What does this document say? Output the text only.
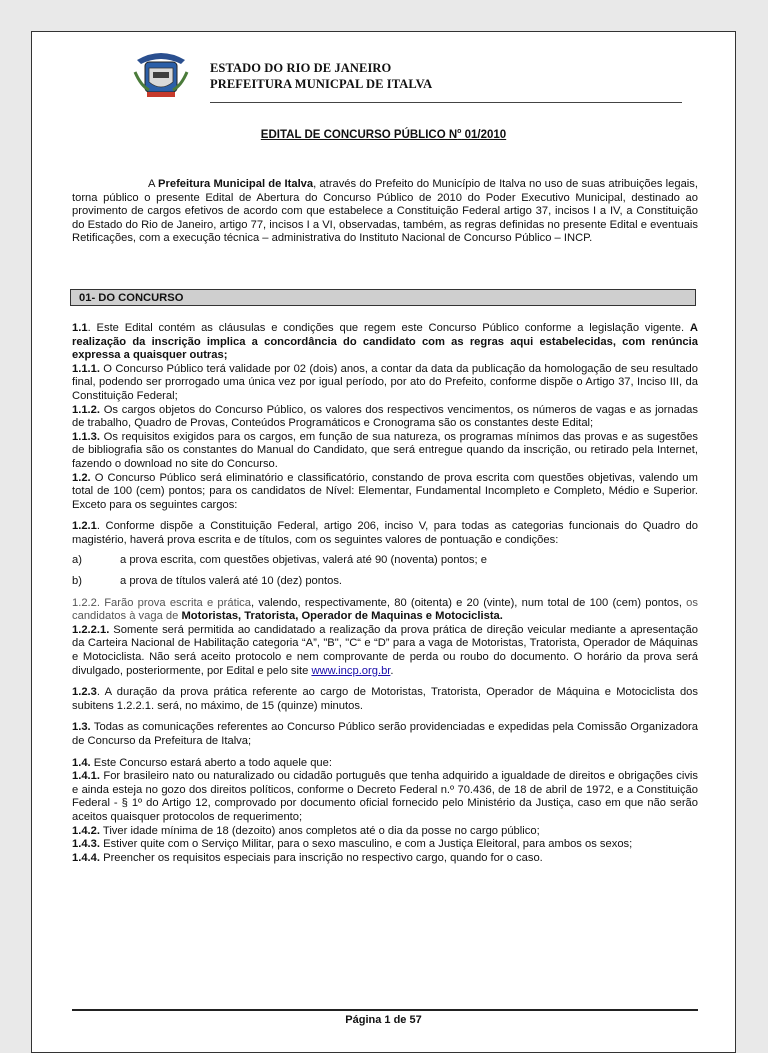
ESTADO DO RIO DE JANEIRO
PREFEITURA MUNICPAL DE ITALVA
EDITAL DE CONCURSO PÚBLICO $N^o$ 01/2010
A Prefeitura Municipal de Italva, através do Prefeito do Município de Italva no uso de suas atribuições legais, torna público o presente Edital de Abertura do Concurso Público de 2010 do Poder Executivo Municipal, destinado ao provimento de cargos efetivos de acordo com que estabelece a Constituição Federal artigo 37, incisos I a IV, a Constituição do Estado do Rio de Janeiro, artigo 77, incisos I a VI, observadas, também, as regras definidas no presente Edital e eventuais Retificações, com a execução técnica – administrativa do Instituto Nacional de Concurso Público – INCP.
01- DO CONCURSO

1.1. Este Edital contém as cláusulas e condições que regem este Concurso Público conforme a legislação vigente. A realização da inscrição implica a concordância do candidato com as regras aqui estabelecidas, com renúncia expressa a quaisquer outras;

1.1.1. O Concurso Público terá validade por 02 (dois) anos, a contar da data da publicação da homologação de seu resultado final, podendo ser prorrogado uma única vez por igual período, por ato do Prefeito, conforme dispõe o Artigo 37, Inciso III, da Constituição Federal;

1.1.2. Os cargos objetos do Concurso Público, os valores dos respectivos vencimentos, os números de vagas e as jornadas de trabalho, Quadro de Provas, Conteúdos Programáticos e Cronograma são os constantes deste Edital;

1.1.3. Os requisitos exigidos para os cargos, em função de sua natureza, os programas mínimos das provas e as sugestões de bibliografia são os constantes do Manual do Candidato, que será entregue quando da inscrição, ou retirado pela Internet, fazendo o download no site do Concurso.

1.2. O Concurso Público será eliminatório e classificatório, constando de prova escrita com questões objetivas, valendo um total de 100 (cem) pontos; para os candidatos de Nível: Elementar, Fundamental Incompleto e Completo, Médio e Superior. Exceto para os seguintes cargos:

1.2.1. Conforme dispõe a Constituição Federal, artigo 206, inciso V, para todas as categorias funcionais do Quadro do magistério, haverá prova escrita e de títulos, com os seguintes valores de pontuação e condições:

a)	a prova escrita, com questões objetivas, valerá até 90 (noventa) pontos; e
b)	a prova de títulos valerá até 10 (dez) pontos.

1.2.2. Farão prova escrita e prática, valendo, respectivamente, 80 (oitenta) e 20 (vinte), num total de 100 (cem) pontos, os candidatos à vaga de Motoristas, Tratorista, Operador de Maquinas e Motociclista.

1.2.2.1. Somente será permitida ao candidatado a realização da prova prática de direção veicular mediante a apresentação da Carteira Nacional de Habilitação categoria “A”, "B", "C“ e “D” para a vaga de Motoristas, Tratorista, Operador de Máquinas e Motociclista. Não será aceito protocolo e nem comprovante de perda ou roubo do documento. O horário da prova será divulgado, posteriormente, por Edital e pelo site www.incp.org.br.

1.2.3. A duração da prova prática referente ao cargo de Motoristas, Tratorista, Operador de Máquina e Motociclista dos subitens 1.2.2.1. será, no máximo, de 15 (quinze) minutos.

1.3. Todas as comunicações referentes ao Concurso Público serão providenciadas e expedidas pela Comissão Organizadora de Concurso da Prefeitura de Italva;

1.4. Este Concurso estará aberto a todo aquele que:

1.4.1. For brasileiro nato ou naturalizado ou cidadão português que tenha adquirido a igualdade de direitos e obrigações civis e ainda esteja no gozo dos direitos políticos, conforme o Decreto Federal n.º 70.436, de 18 de abril de 1972, e a Constituição Federal - § 1º do Artigo 12, comprovado por documento oficial fornecido pelo Ministério da Justiça, caso em que não serão aceitos quaisquer protocolos de requerimento;

1.4.2. Tiver idade mínima de 18 (dezoito) anos completos até o dia da posse no cargo público;

1.4.3. Estiver quite com o Serviço Militar, para o sexo masculino, e com a Justiça Eleitoral, para ambos os sexos;

1.4.4. Preencher os requisitos especiais para inscrição no respectivo cargo, quando for o caso.

Página 1 de 57
